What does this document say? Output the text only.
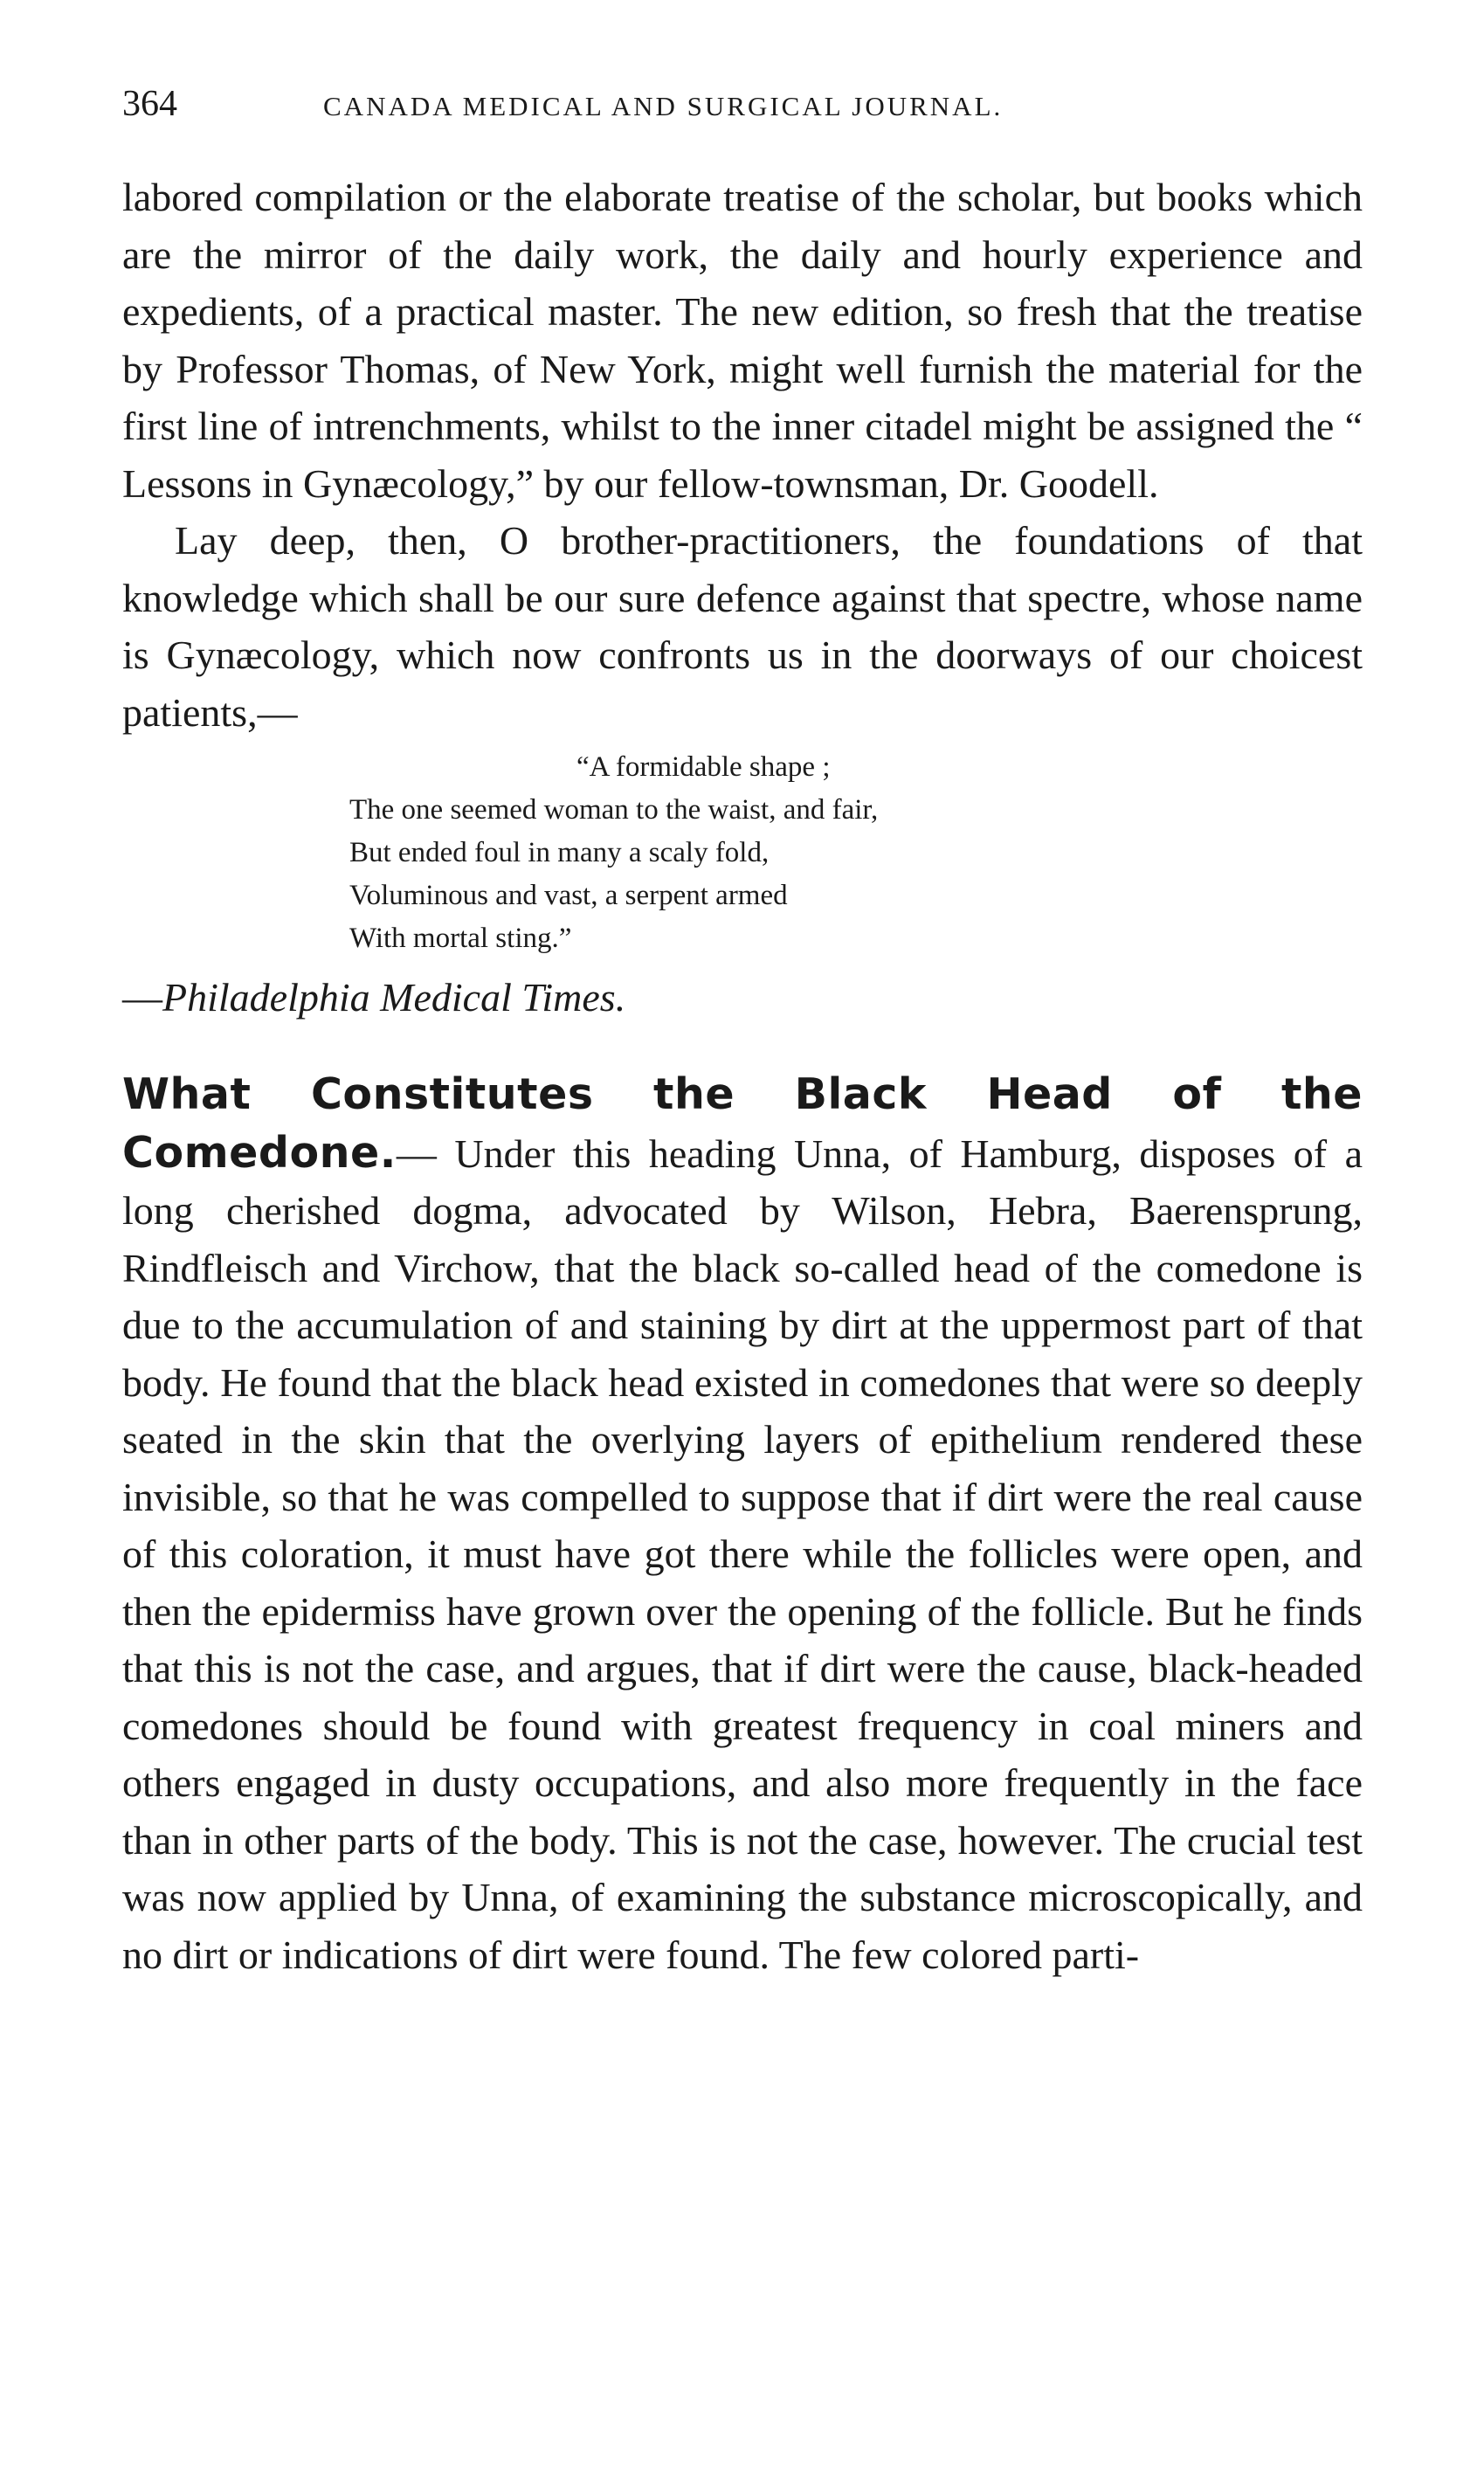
364	CANADA MEDICAL AND SURGICAL JOURNAL.

labored compilation or the elaborate treatise of the scholar, but books which are the mirror of the daily work, the daily and hourly experience and expedients, of a practical master. The new edition, so fresh that the treatise by Professor Thomas, of New York, might well furnish the material for the first line of intrenchments, whilst to the inner citadel might be assigned the “ Lessons in Gynæcology,” by our fellow-townsman, Dr. Goodell.

Lay deep, then, O brother-practitioners, the foundations of that knowledge which shall be our sure defence against that spectre, whose name is Gynæcology, which now confronts us in the doorways of our choicest patients,—

“A formidable shape ;
The one seemed woman to the waist, and fair,
But ended foul in many a scaly fold,
Voluminous and vast, a serpent armed
With mortal sting.”
—Philadelphia Medical Times.

What Constitutes the Black Head of the Comedone.— Under this heading Unna, of Hamburg, disposes of a long cherished dogma, advocated by Wilson, Hebra, Baerensprung, Rindfleisch and Virchow, that the black so-called head of the comedone is due to the accumulation of and staining by dirt at the uppermost part of that body. He found that the black head existed in comedones that were so deeply seated in the skin that the overlying layers of epithelium rendered these invisible, so that he was compelled to suppose that if dirt were the real cause of this coloration, it must have got there while the follicles were open, and then the epidermiss have grown over the opening of the follicle. But he finds that this is not the case, and argues, that if dirt were the cause, black-headed comedones should be found with greatest frequency in coal miners and others engaged in dusty occupations, and also more frequently in the face than in other parts of the body. This is not the case, however. The crucial test was now applied by Unna, of examining the substance microscopically, and no dirt or indications of dirt were found. The few colored parti-
